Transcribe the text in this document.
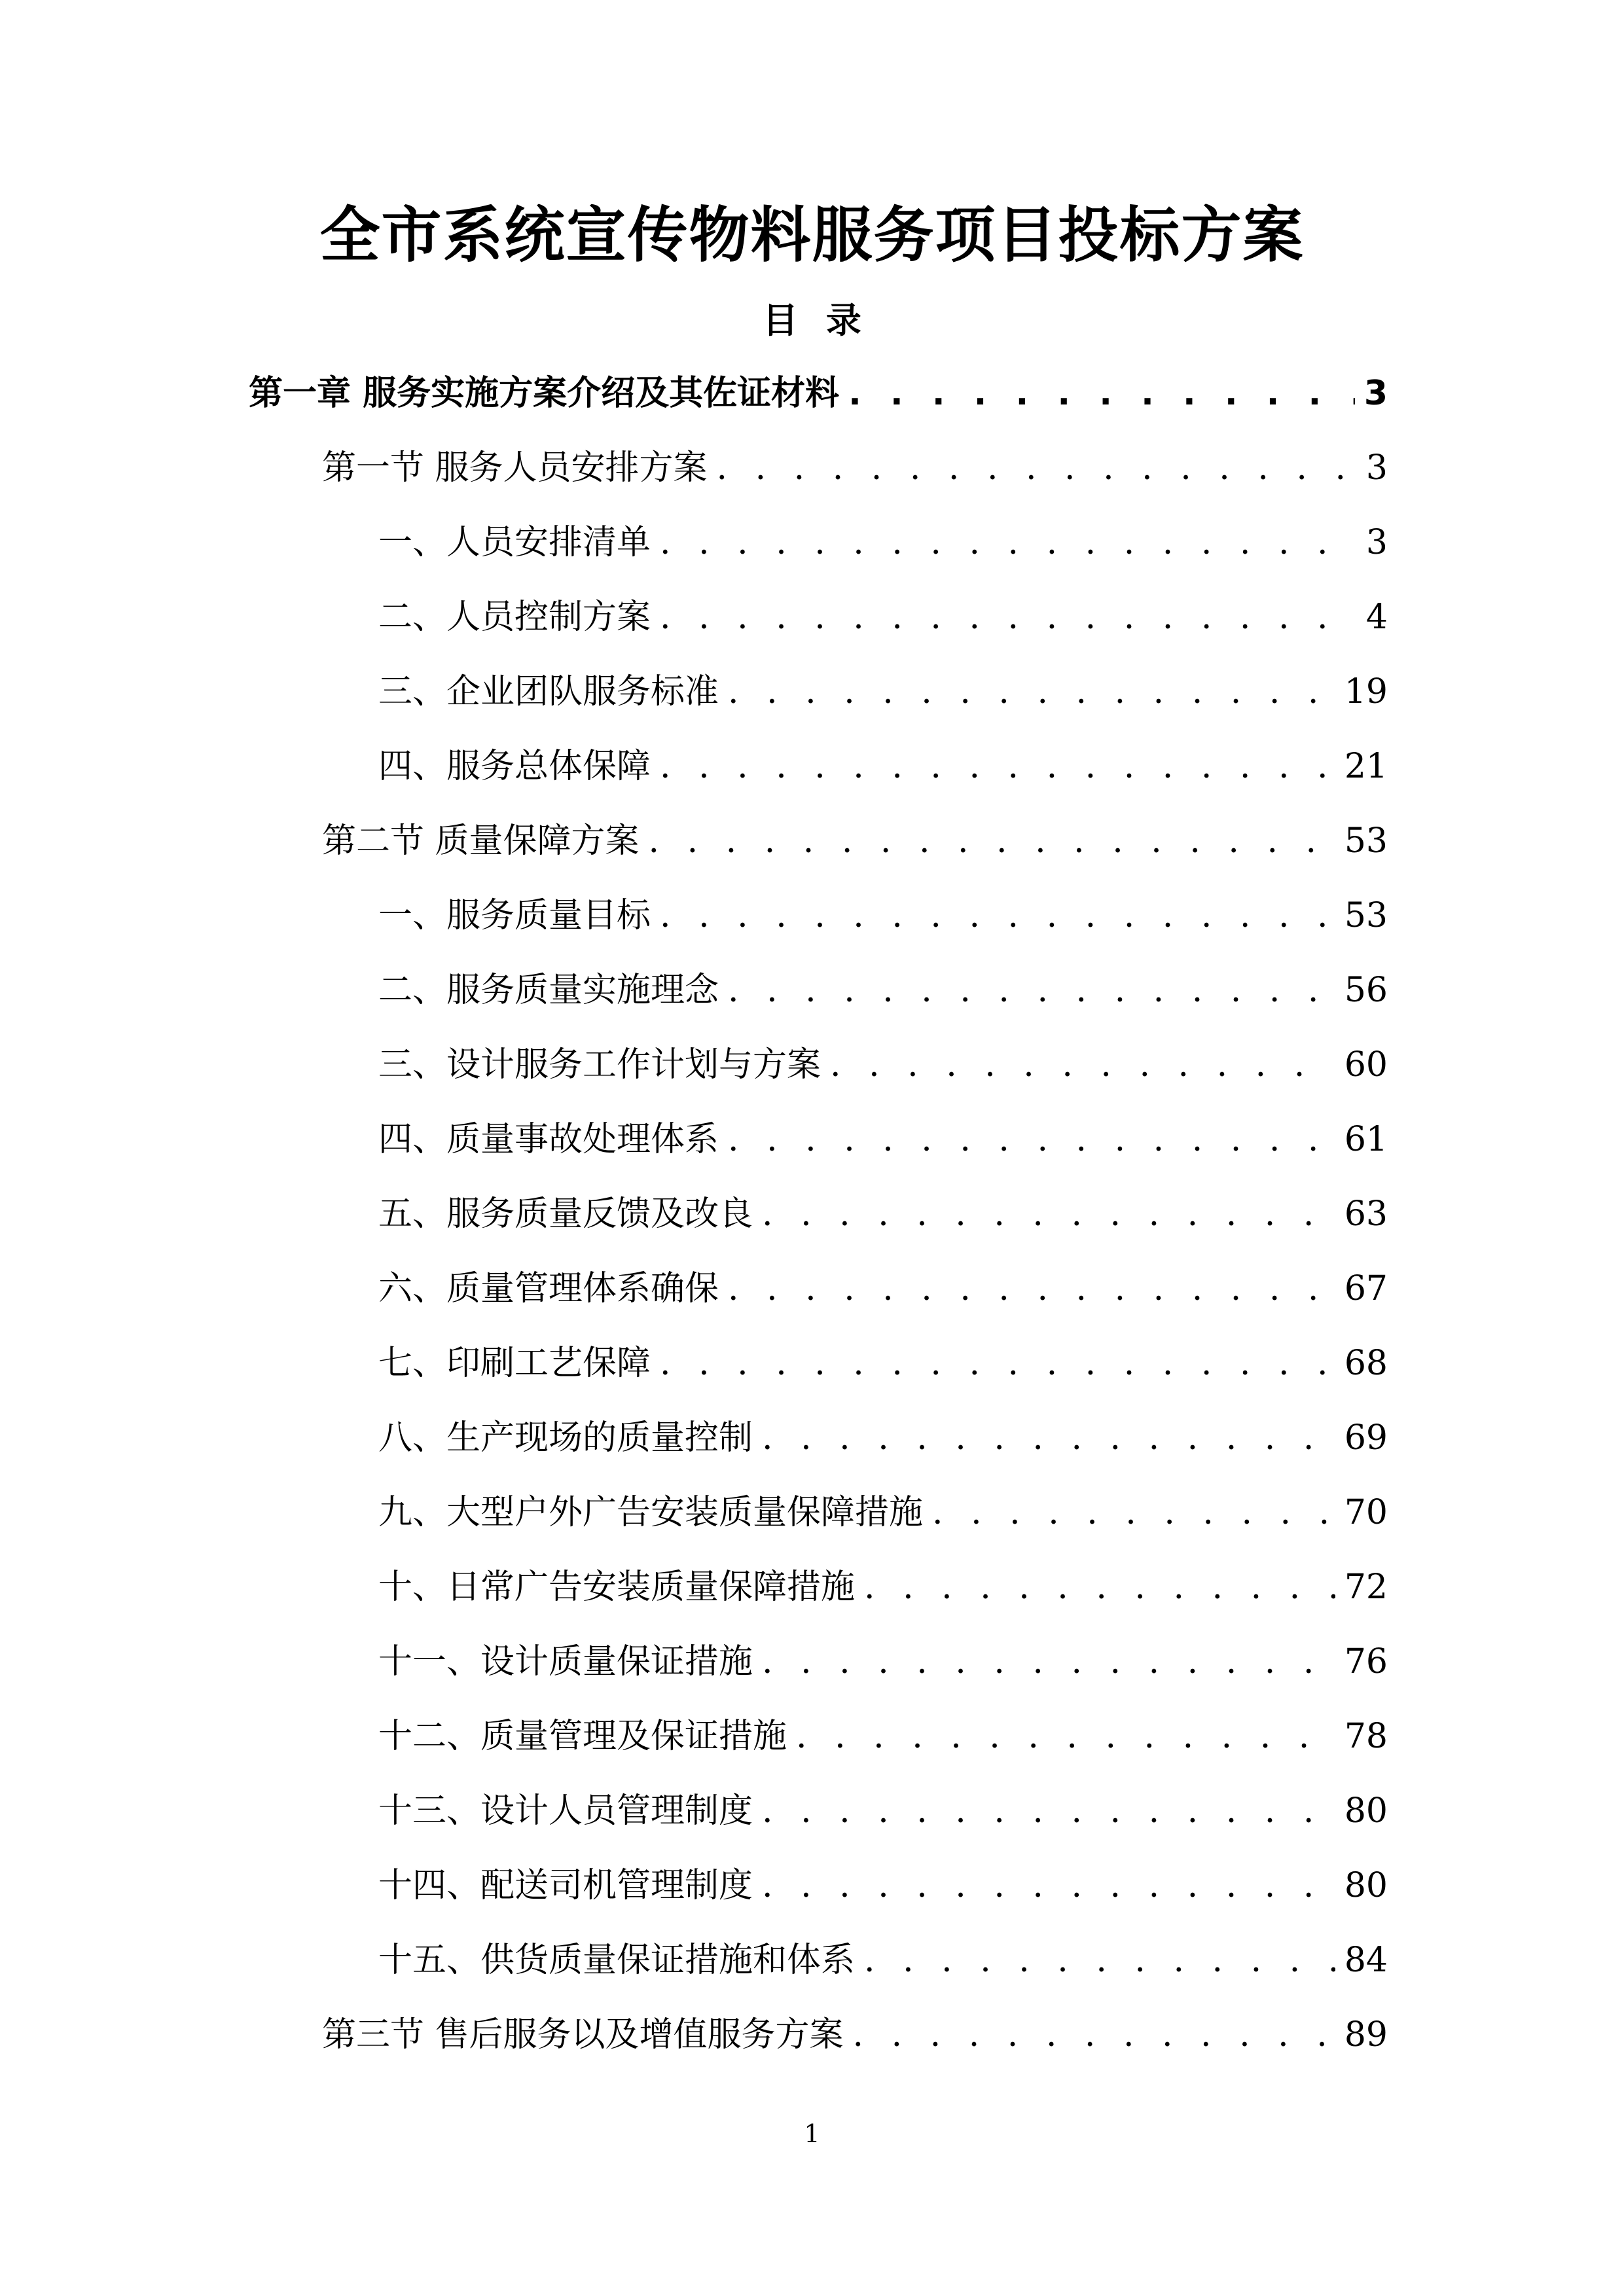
全市系统宣传物料服务项目投标方案
目 录
第一章 服务实施方案介绍及其佐证材料 . . .	3
第一节 服务人员安排方案 . . .	3
一、人员安排清单 . . .	3
二、人员控制方案 . . .	4
三、企业团队服务标准 . . .	19
四、服务总体保障 . . .	21
第二节 质量保障方案 . . .	53
一、服务质量目标 . . .	53
二、服务质量实施理念 . . .	56
三、设计服务工作计划与方案 . . .	60
四、质量事故处理体系 . . .	61
五、服务质量反馈及改良 . . .	63
六、质量管理体系确保 . . .	67
七、印刷工艺保障 . . .	68
八、生产现场的质量控制 . . .	69
九、大型户外广告安装质量保障措施 . . .	70
十、日常广告安装质量保障措施 . . .	72
十一、设计质量保证措施 . . .	76
十二、质量管理及保证措施 . . .	78
十三、设计人员管理制度 . . .	80
十四、配送司机管理制度 . . .	80
十五、供货质量保证措施和体系 . . .	84
第三节 售后服务以及增值服务方案 . . .	89
1
